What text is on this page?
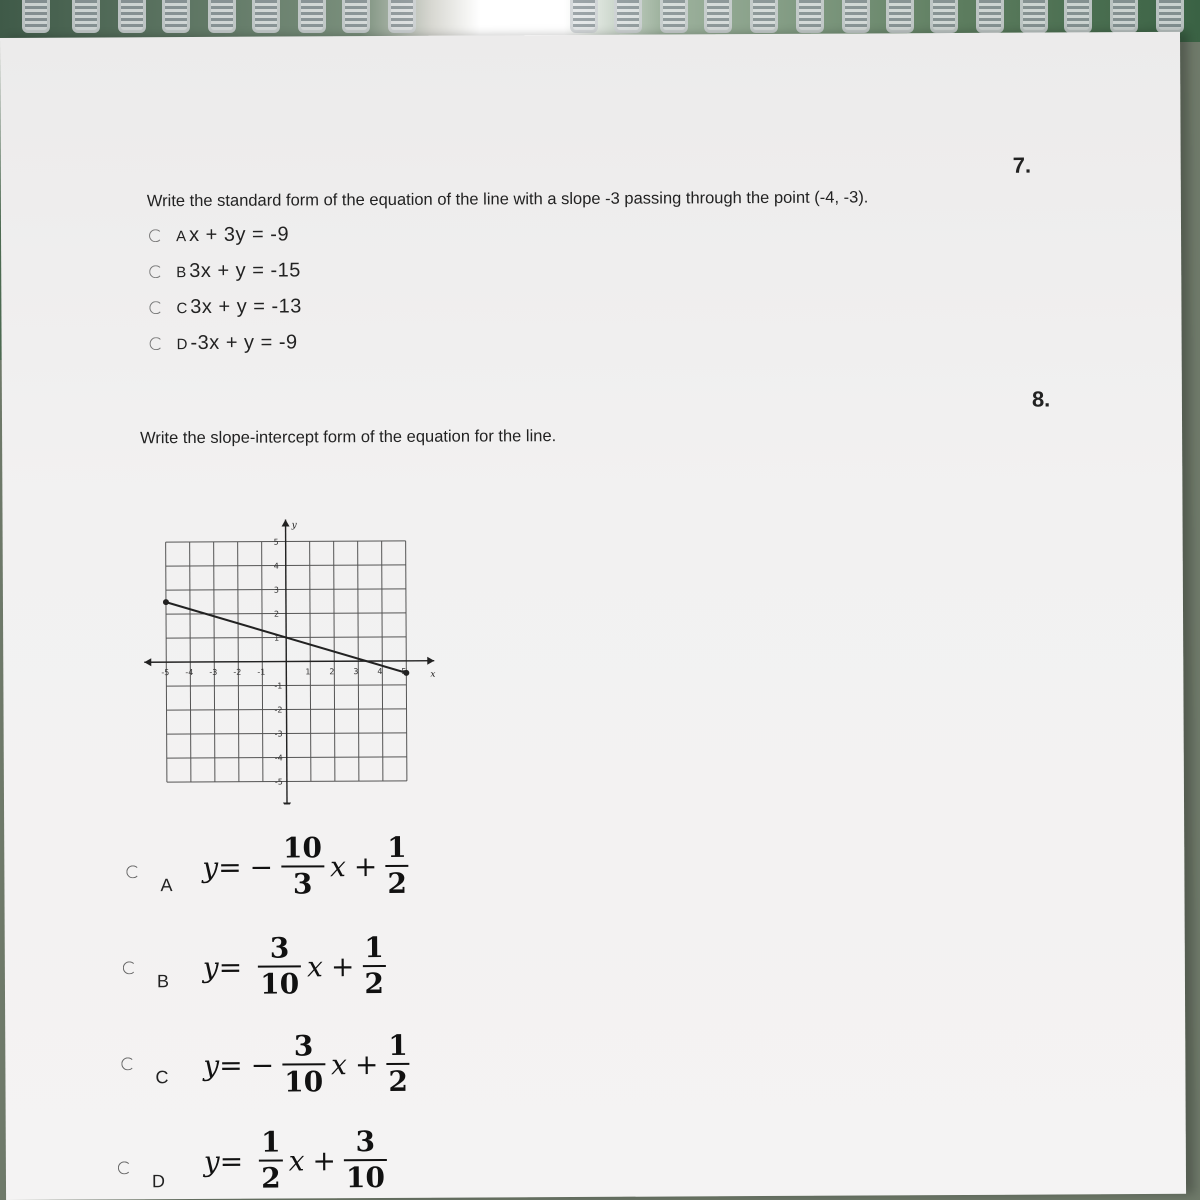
7.
Write the standard form of the equation of the line with a slope -3 passing through the point (-4, -3).
A x + 3y = -9
B 3x + y = -15
C 3x + y = -13
D -3x + y = -9
8.
Write the slope-intercept form of the equation for the line.
x
y
-5 -4 -3 -2 -1	1 2 3 4
5
4
3
2
1
-1
-2
-3
-4
-5
A
$y= - \frac{10}{3}$ $x + \frac{1}{2}$
B $y= \frac{3}{10}$ $x + \frac{1}{2}$
C $y= - \frac{3}{10}$ $x + \frac{1}{2}$
D
$y= \frac{1}{2}$ $x + \frac{3}{10}$
